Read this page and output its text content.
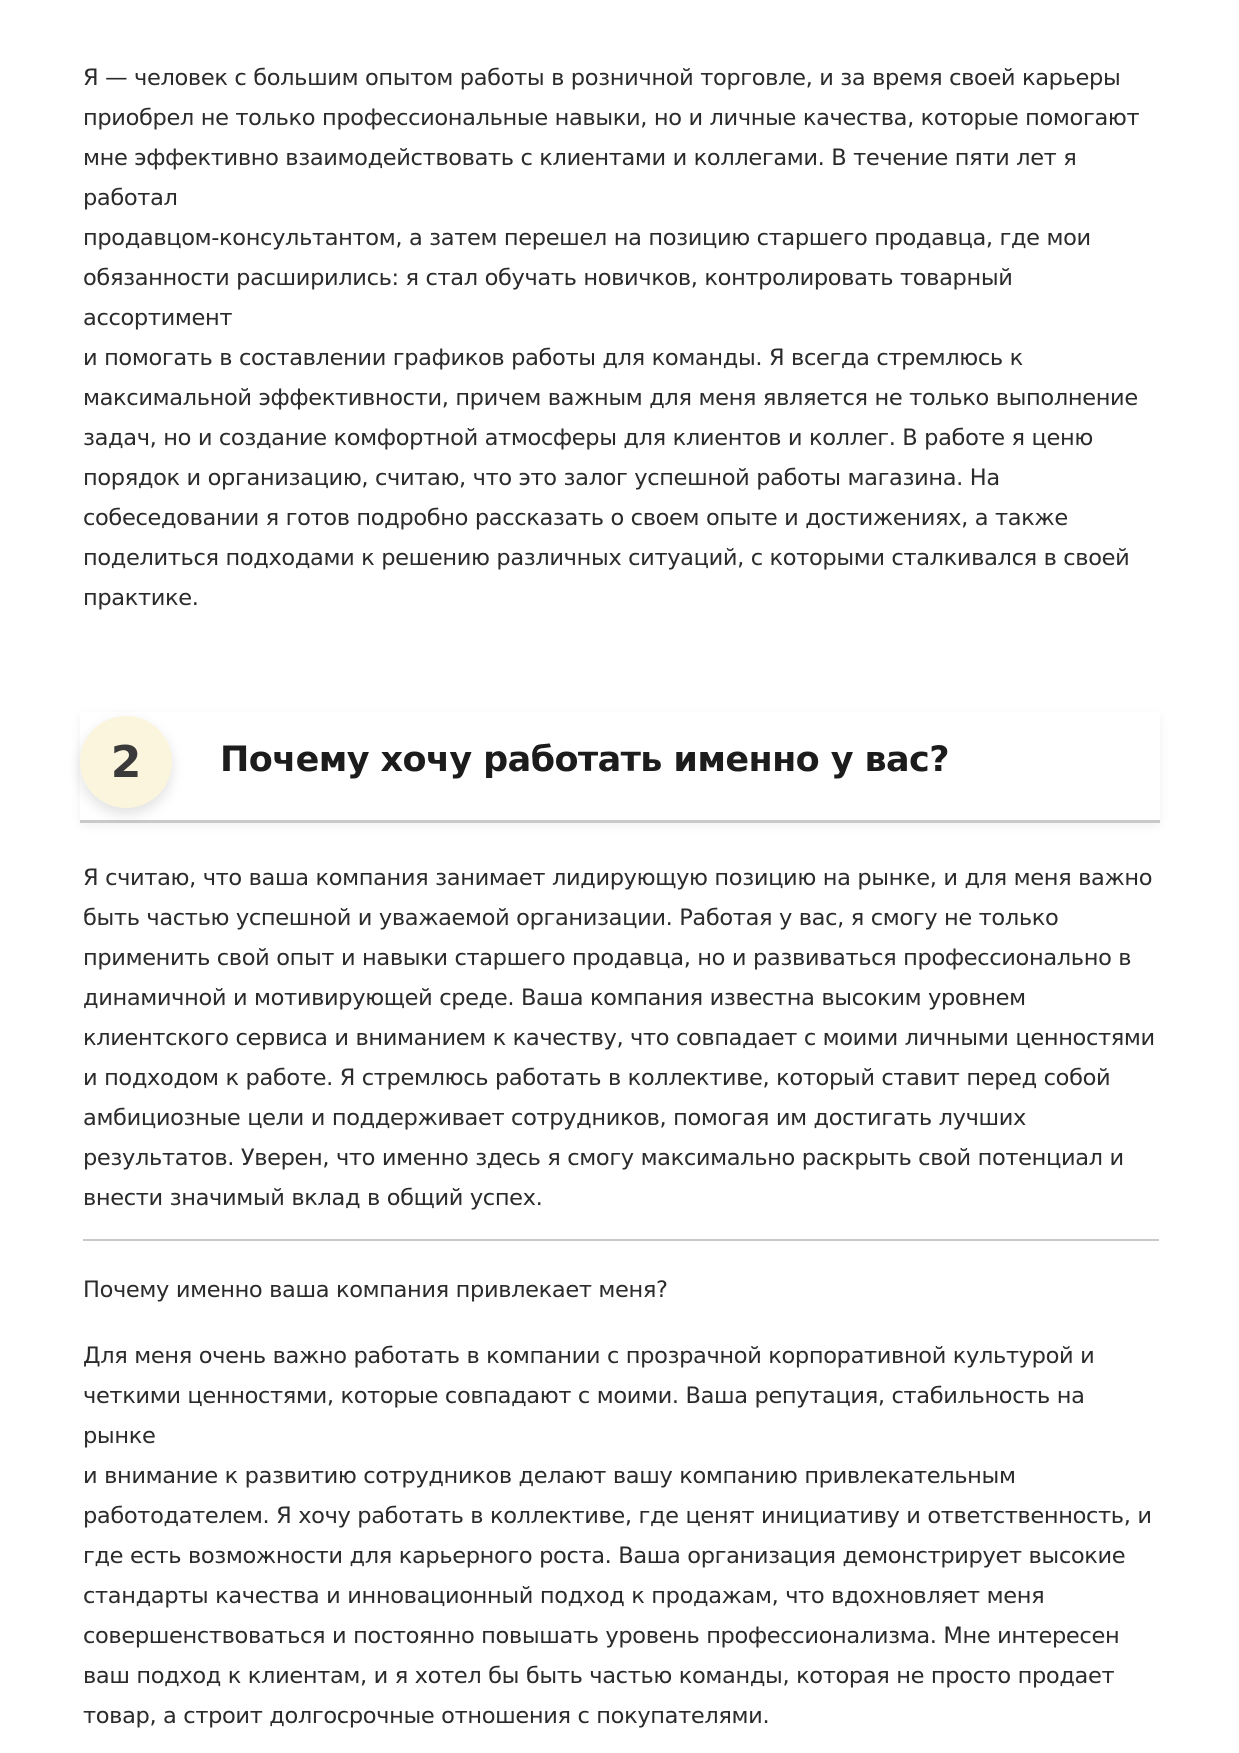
Я — человек с большим опытом работы в розничной торговле, и за время своей карьеры
приобрел не только профессиональные навыки, но и личные качества, которые помогают
мне эффективно взаимодействовать с клиентами и коллегами. В течение пяти лет я работал
продавцом-консультантом, а затем перешел на позицию старшего продавца, где мои
обязанности расширились: я стал обучать новичков, контролировать товарный ассортимент
и помогать в составлении графиков работы для команды. Я всегда стремлюсь к
максимальной эффективности, причем важным для меня является не только выполнение
задач, но и создание комфортной атмосферы для клиентов и коллег. В работе я ценю
порядок и организацию, считаю, что это залог успешной работы магазина. На
собеседовании я готов подробно рассказать о своем опыте и достижениях, а также
поделиться подходами к решению различных ситуаций, с которыми сталкивался в своей
практике.

2	Почему хочу работать именно у вас?

Я считаю, что ваша компания занимает лидирующую позицию на рынке, и для меня важно
быть частью успешной и уважаемой организации. Работая у вас, я смогу не только
применить свой опыт и навыки старшего продавца, но и развиваться профессионально в
динамичной и мотивирующей среде. Ваша компания известна высоким уровнем
клиентского сервиса и вниманием к качеству, что совпадает с моими личными ценностями
и подходом к работе. Я стремлюсь работать в коллективе, который ставит перед собой
амбициозные цели и поддерживает сотрудников, помогая им достигать лучших
результатов. Уверен, что именно здесь я смогу максимально раскрыть свой потенциал и
внести значимый вклад в общий успех.

Почему именно ваша компания привлекает меня?

Для меня очень важно работать в компании с прозрачной корпоративной культурой и
четкими ценностями, которые совпадают с моими. Ваша репутация, стабильность на рынке
и внимание к развитию сотрудников делают вашу компанию привлекательным
работодателем. Я хочу работать в коллективе, где ценят инициативу и ответственность, и
где есть возможности для карьерного роста. Ваша организация демонстрирует высокие
стандарты качества и инновационный подход к продажам, что вдохновляет меня
совершенствоваться и постоянно повышать уровень профессионализма. Мне интересен
ваш подход к клиентам, и я хотел бы быть частью команды, которая не просто продает
товар, а строит долгосрочные отношения с покупателями.
